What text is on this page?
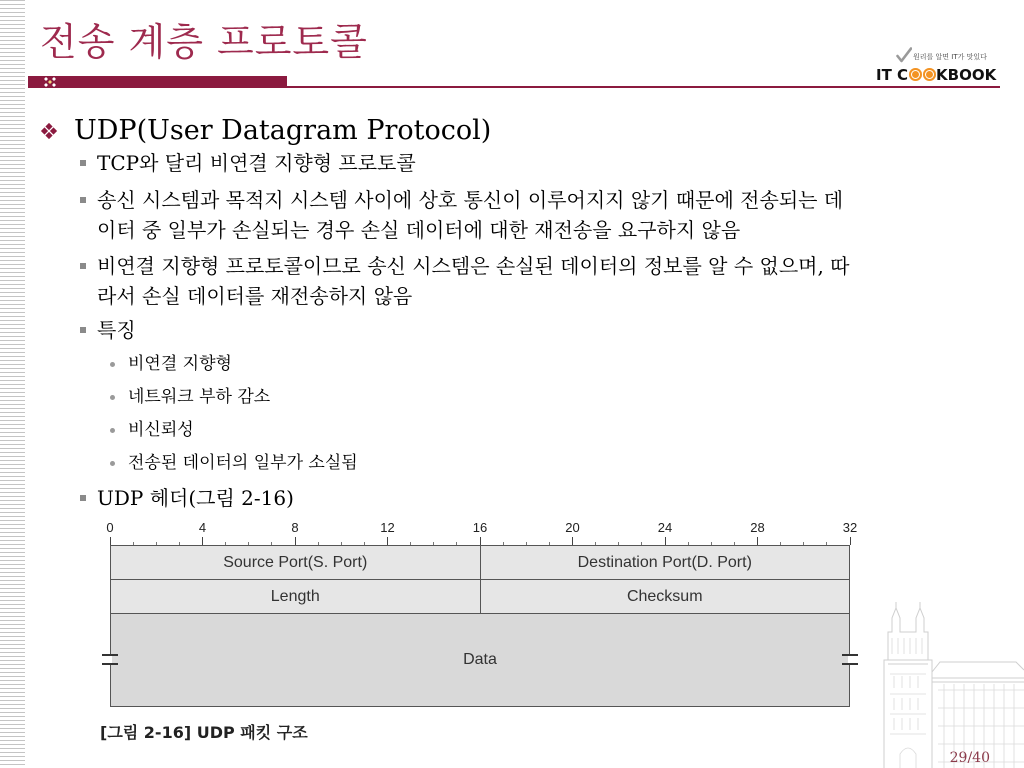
전송 계층 프로토콜	원리를 알면 IT가 맛있다
IT C KBOOK
UDP(User Datagram Protocol)
TCP와 달리 비연결 지향형 프로토콜
송신 시스템과 목적지 시스템 사이에 상호 통신이 이루어지지 않기 때문에 전송되는 데
이터 중 일부가 손실되는 경우 손실 데이터에 대한 재전송을 요구하지 않음
비연결 지향형 프로토콜이므로 송신 시스템은 손실된 데이터의 정보를 알 수 없으며, 따
라서 손실 데이터를 재전송하지 않음
특징
비연결 지향형
네트워크 부하 감소
비신뢰성
전송된 데이터의 일부가 소실됨
UDP 헤더(그림 2-16)
0	4	8	12	16	20	24	28	32
Source Port(S. Port)	Destination Port(D. Port)
Length	Checksum
Data
[그림 2-16] UDP 패킷 구조
29/40
